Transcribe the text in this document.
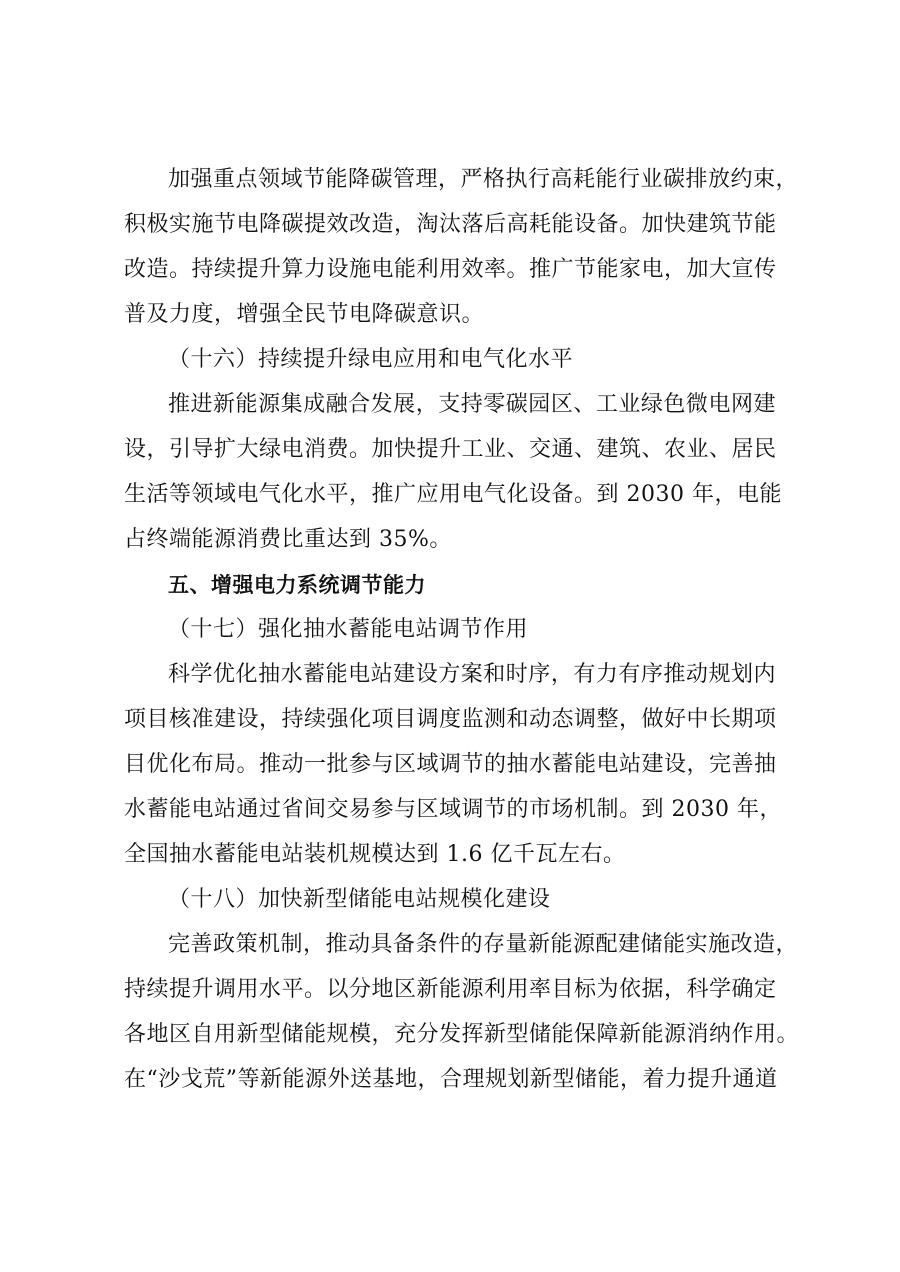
加强重点领域节能降碳管理，严格执行高耗能行业碳排放约束，
积极实施节电降碳提效改造，淘汰落后高耗能设备。加快建筑节能
改造。持续提升算力设施电能利用效率。推广节能家电，加大宣传
普及力度，增强全民节电降碳意识。
（十六）持续提升绿电应用和电气化水平
推进新能源集成融合发展，支持零碳园区、工业绿色微电网建
设，引导扩大绿电消费。加快提升工业、交通、建筑、农业、居民
生活等领域电气化水平，推广应用电气化设备。到 2030 年，电能
占终端能源消费比重达到 35%。
五、增强电力系统调节能力
（十七）强化抽水蓄能电站调节作用
科学优化抽水蓄能电站建设方案和时序，有力有序推动规划内
项目核准建设，持续强化项目调度监测和动态调整，做好中长期项
目优化布局。推动一批参与区域调节的抽水蓄能电站建设，完善抽
水蓄能电站通过省间交易参与区域调节的市场机制。到 2030 年，
全国抽水蓄能电站装机规模达到 1.6 亿千瓦左右。
（十八）加快新型储能电站规模化建设
完善政策机制，推动具备条件的存量新能源配建储能实施改造，
持续提升调用水平。以分地区新能源利用率目标为依据，科学确定
各地区自用新型储能规模，充分发挥新型储能保障新能源消纳作用。
在“沙戈荒”等新能源外送基地，合理规划新型储能，着力提升通道
